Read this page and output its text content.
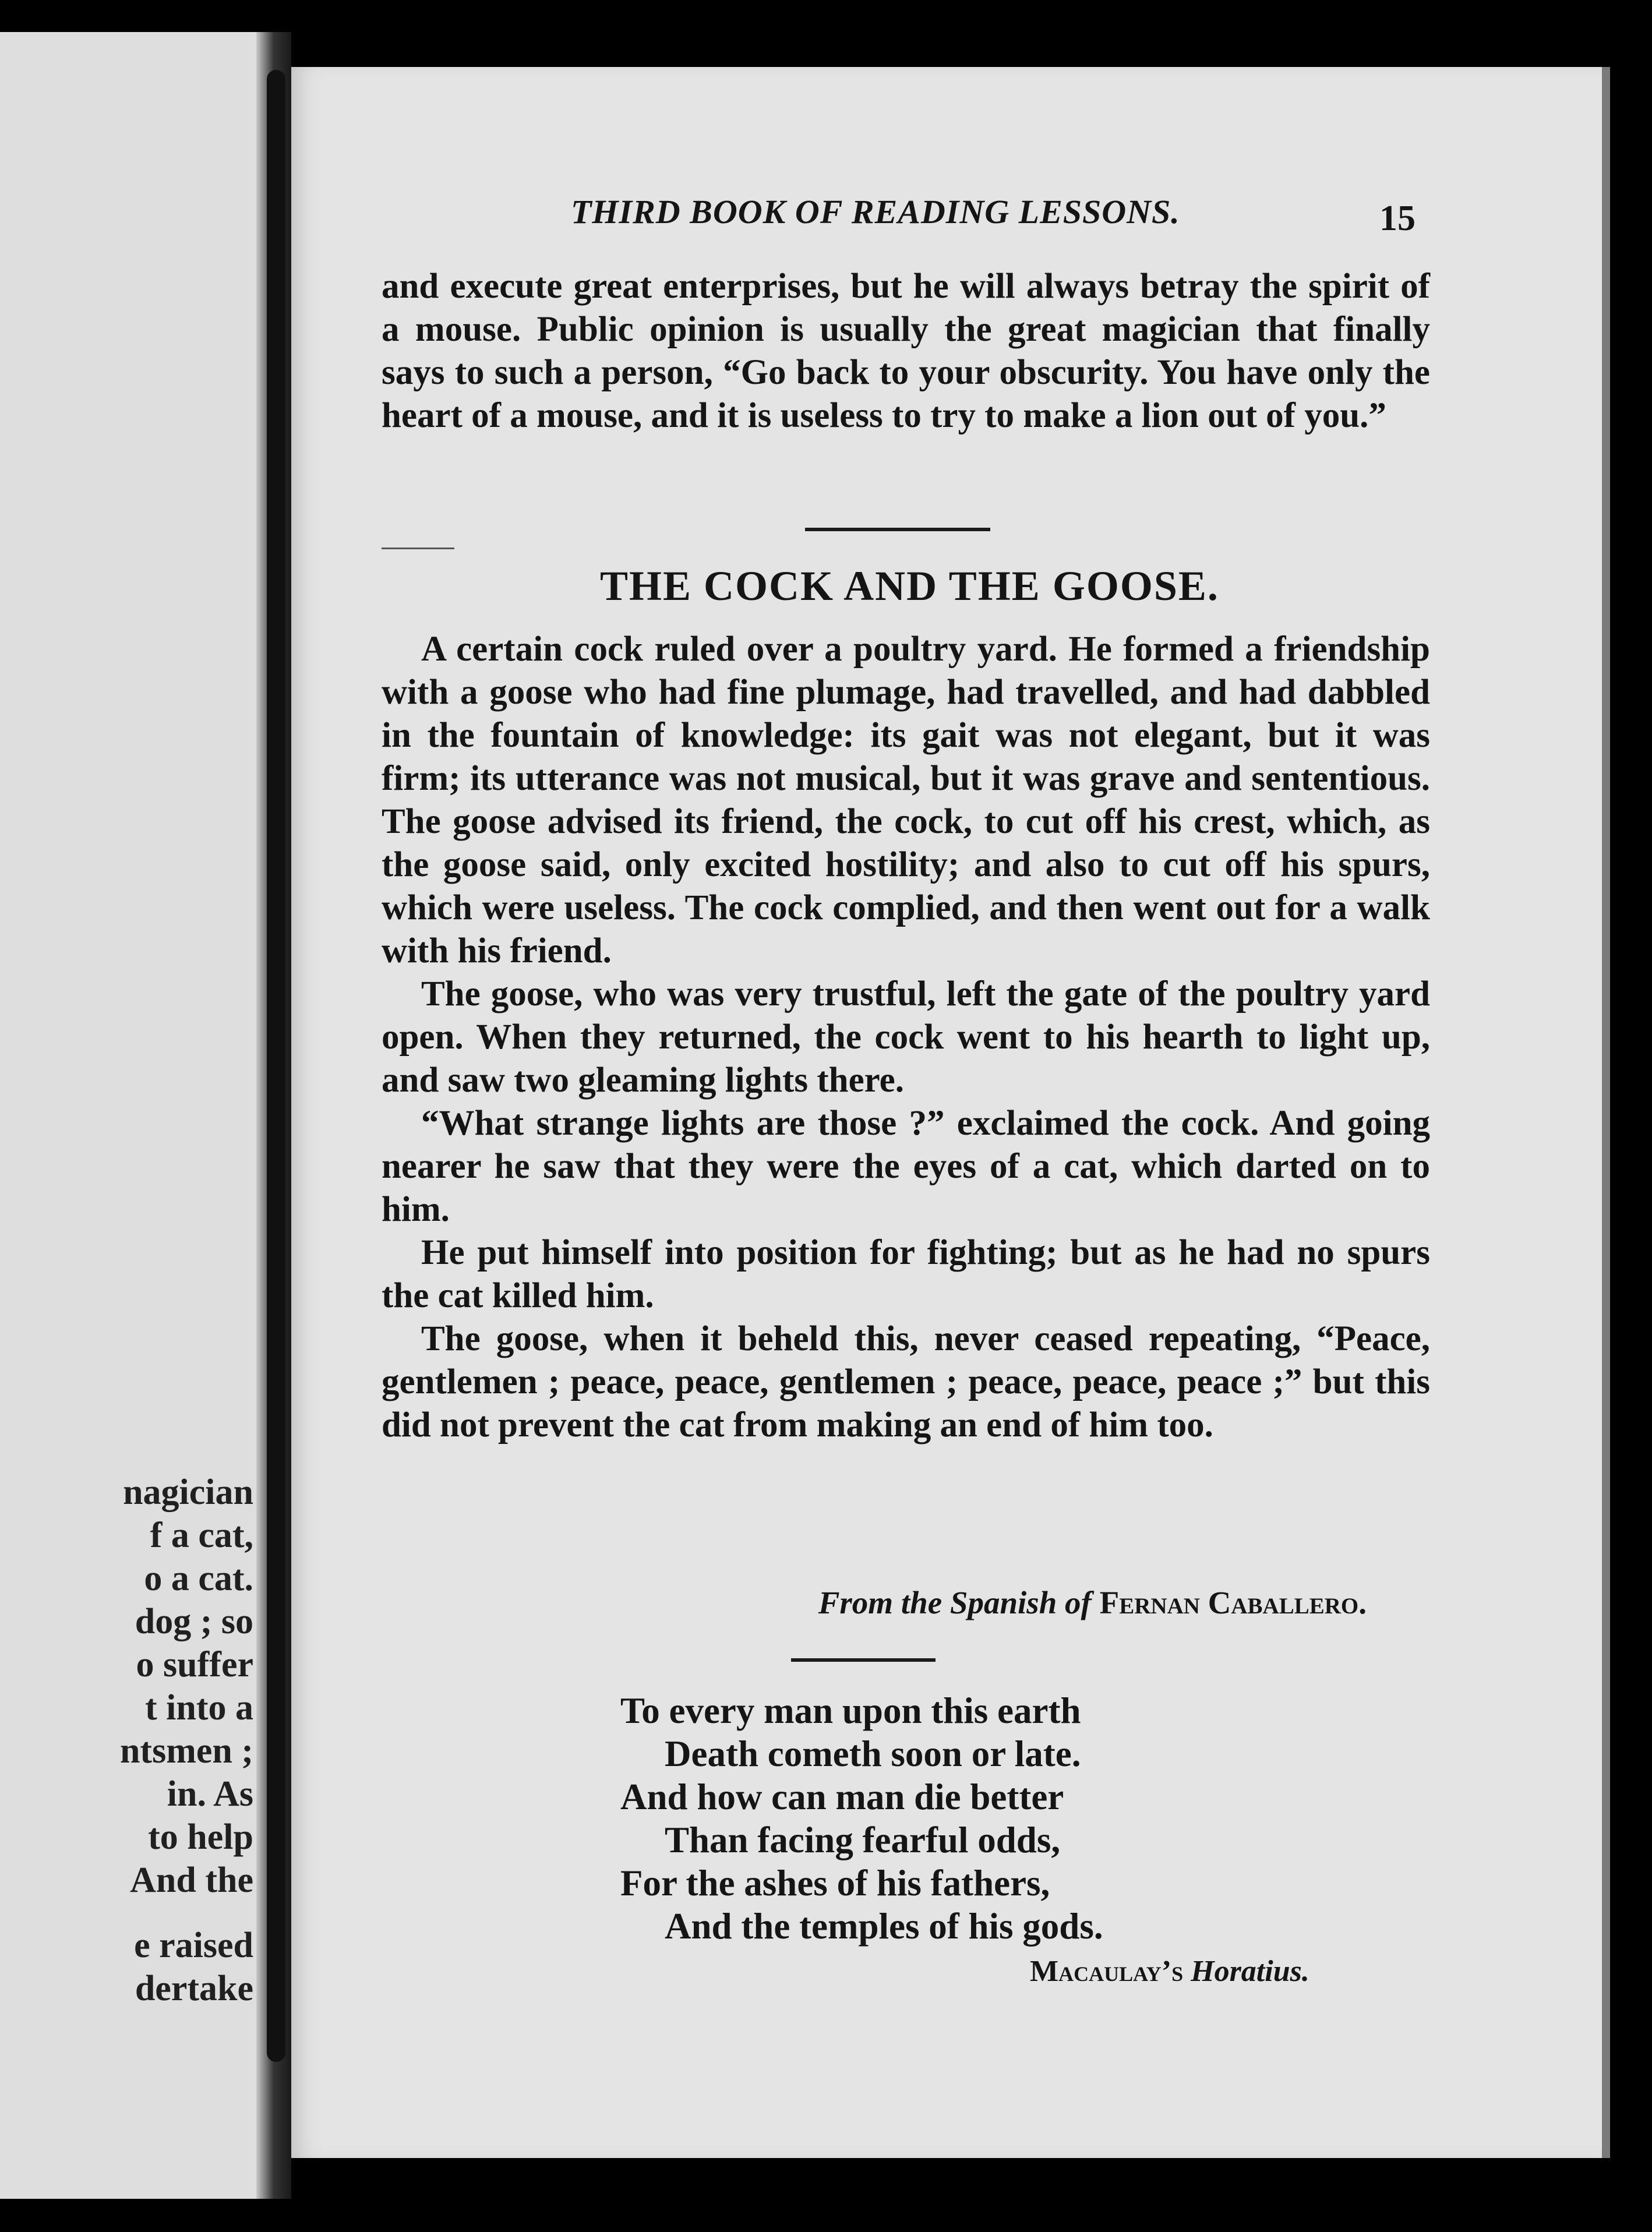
nagician
f a cat,
o a cat.
dog ; so
o suffer
t into a
ntsmen ;
in. As
to help
And the
e raised
dertake
THIRD BOOK OF READING LESSONS.	15

and execute great enterprises, but he will always betray the spirit of a mouse. Public opinion is usually the great magician that finally says to such a person, “Go back to your obscurity. You have only the heart of a mouse, and it is useless to try to make a lion out of you.”

THE COCK AND THE GOOSE.

A certain cock ruled over a poultry yard. He formed a friendship with a goose who had fine plumage, had travelled, and had dabbled in the fountain of knowledge: its gait was not elegant, but it was firm; its utterance was not musical, but it was grave and sententious. The goose advised its friend, the cock, to cut off his crest, which, as the goose said, only excited hostility; and also to cut off his spurs, which were useless. The cock complied, and then went out for a walk with his friend.

The goose, who was very trustful, left the gate of the poultry yard open. When they returned, the cock went to his hearth to light up, and saw two gleaming lights there.

“What strange lights are those ?” exclaimed the cock. And going nearer he saw that they were the eyes of a cat, which darted on to him.

He put himself into position for fighting; but as he had no spurs the cat killed him.

The goose, when it beheld this, never ceased repeating, “Peace, gentlemen ; peace, peace, gentlemen ; peace, peace, peace ;” but this did not prevent the cat from making an end of him too.

From the Spanish of Fernan Caballero.
To every man upon this earth
Death cometh soon or late.
And how can man die better
Than facing fearful odds,
For the ashes of his fathers,
And the temples of his gods.
Macaulay’s Horatius.
